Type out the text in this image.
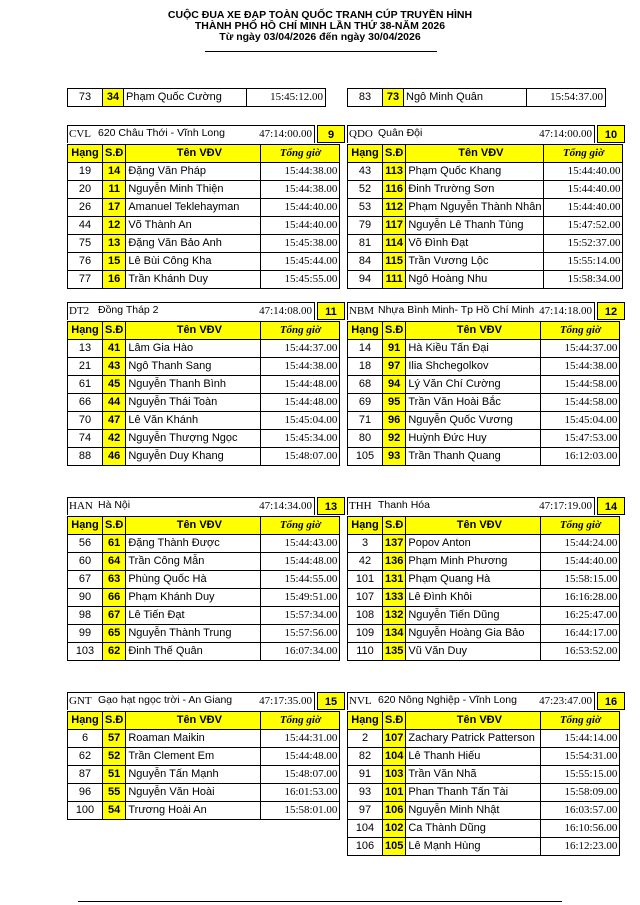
CUỘC ĐUA XE ĐẠP TOÀN QUỐC TRANH CÚP TRUYỀN HÌNH
THÀNH PHỐ HỒ CHÍ MINH LẦN THỨ 38-NĂM 2026
Từ ngày 03/04/2026 đến ngày 30/04/2026
73	34	Phạm Quốc Cường	15:45:12.00	83	73	Ngô Minh Quân	15:54:37.00
CVL 620 Châu Thới - Vĩnh Long	47:14:00.00	9
Hạng	S.Đ	Tên VĐV	Tổng giờ
19	14	Đặng Văn Pháp	15:44:38.00
20	11	Nguyễn Minh Thiện	15:44:38.00
26	17	Amanuel Teklehayman	15:44:40.00
44	12	Võ Thành An	15:44:40.00
75	13	Đặng Văn Bảo Anh	15:45:38.00
76	15	Lê Bùi Công Kha	15:45:44.00
77	16	Trần Khánh Duy	15:45:55.00
QDO Quân Đội	47:14:00.00	10
Hạng	S.Đ	Tên VĐV	Tổng giờ
43	113	Phạm Quốc Khang	15:44:40.00
52	116	Đinh Trường Sơn	15:44:40.00
53	112	Phạm Nguyễn Thành Nhân	15:44:40.00
79	117	Nguyễn Lê Thanh Tùng	15:47:52.00
81	114	Võ Đình Đạt	15:52:37.00
84	115	Trần Vương Lộc	15:55:14.00
94	111	Ngô Hoàng Nhu	15:58:34.00
DT2 Đồng Tháp 2	47:14:08.00	11
Hạng	S.Đ	Tên VĐV	Tổng giờ
13	41	Lâm Gia Hào	15:44:37.00
21	43	Ngô Thanh Sang	15:44:38.00
61	45	Nguyễn Thanh Bình	15:44:48.00
66	44	Nguyễn Thái Toàn	15:44:48.00
70	47	Lê Văn Khánh	15:45:04.00
74	42	Nguyễn Thượng Ngọc	15:45:34.00
88	46	Nguyễn Duy Khang	15:48:07.00
NBM Nhựa Bình Minh- Tp Hồ Chí Minh 47:14:18.00	12
Hạng	S.Đ	Tên VĐV	Tổng giờ
14	91	Hà Kiều Tấn Đại	15:44:37.00
18	97	Ilia Shchegolkov	15:44:38.00
68	94	Lý Văn Chí Cường	15:44:58.00
69	95	Trần Văn Hoài Bắc	15:44:58.00
71	96	Nguyễn Quốc Vương	15:45:04.00
80	92	Huỳnh Đức Huy	15:47:53.00
105	93	Trần Thanh Quang	16:12:03.00
HAN Hà Nội	47:14:34.00	13
Hạng	S.Đ	Tên VĐV	Tổng giờ
56	61	Đặng Thành Được	15:44:43.00
60	64	Trần Công Mẫn	15:44:48.00
67	63	Phùng Quốc Hà	15:44:55.00
90	66	Phạm Khánh Duy	15:49:51.00
98	67	Lê Tiến Đạt	15:57:34.00
99	65	Nguyễn Thành Trung	15:57:56.00
103	62	Đinh Thế Quân	16:07:34.00
THH Thanh Hóa	47:17:19.00	14
Hạng	S.Đ	Tên VĐV	Tổng giờ
3	137	Popov Anton	15:44:24.00
42	136	Phạm Minh Phương	15:44:40.00
101	131	Phạm Quang Hà	15:58:15.00
107	133	Lê Đình Khôi	16:16:28.00
108	132	Nguyễn Tiến Dũng	16:25:47.00
109	134	Nguyễn Hoàng Gia Bảo	16:44:17.00
110	135	Vũ Văn Duy	16:53:52.00
GNT Gạo hạt ngọc trời - An Giang	47:17:35.00	15
Hạng	S.Đ	Tên VĐV	Tổng giờ
6	57	Roaman Maikin	15:44:31.00
62	52	Trần Clement Em	15:44:48.00
87	51	Nguyễn Tấn Mạnh	15:48:07.00
96	55	Nguyễn Văn Hoài	16:01:53.00
100	54	Trương Hoài An	15:58:01.00
NVL 620 Nông Nghiệp - Vĩnh Long	47:23:47.00	16
Hạng	S.Đ	Tên VĐV	Tổng giờ
2	107	Zachary Patrick Patterson	15:44:14.00
82	104	Lê Thanh Hiếu	15:54:31.00
91	103	Trần Văn Nhã	15:55:15.00
93	101	Phan Thanh Tấn Tài	15:58:09.00
97	106	Nguyễn Minh Nhật	16:03:57.00
104	102	Ca Thành Dũng	16:10:56.00
106	105	Lê Mạnh Hùng	16:12:23.00
